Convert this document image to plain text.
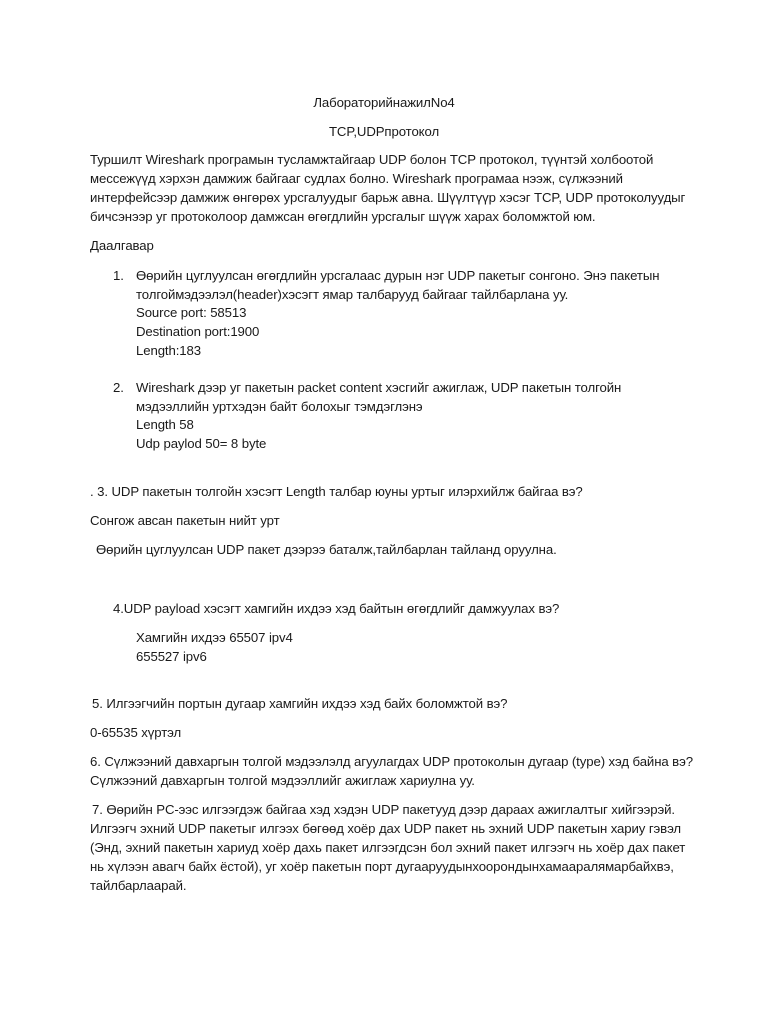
ЛабораторийнажилNo4
TCP,UDPпротокол
Туршилт Wireshark програмын тусламжтайгаар UDP болон TCP протокол, түүнтэй холбоотой
мессежүүд хэрхэн дамжиж байгааг судлах болно. Wireshark програмаа нээж, сүлжээний
интерфейсээр дамжиж өнгөрөх урсгалуудыг барьж авна. Шүүлтүүр хэсэг TCP, UDP протоколуудыг
бичсэнээр уг протоколоор дамжсан өгөгдлийн урсгалыг шүүж харах боломжтой юм.
Даалгавар
1. Өөрийн цуглуулсан өгөгдлийн урсгалаас дурын нэг UDP пакетыг сонгоно. Энэ пакетын
толгоймэдээлэл(header)хэсэгт ямар талбарууд байгааг тайлбарлана уу.
Source port: 58513
Destination port:1900
Length:183
2. Wireshark дээр уг пакетын packet content хэсгийг ажиглаж, UDP пакетын толгойн
мэдээллийн уртхэдэн байт болохыг тэмдэглэнэ
Length 58
Udp paylod 50= 8 byte
. 3. UDP пакетын толгойн хэсэгт Length талбар юуны уртыг илэрхийлж байгаа вэ?
Сонгож авсан пакетын нийт урт
Өөрийн цуглуулсан UDP пакет дээрээ баталж,тайлбарлан тайланд оруулна.
4.UDP payload хэсэгт хамгийн ихдээ хэд байтын өгөгдлийг дамжуулах вэ?
Хамгийн ихдээ 65507 ipv4
655527 ipv6
5. Илгээгчийн портын дугаар хамгийн ихдээ хэд байх боломжтой вэ?
0-65535 хүртэл
6. Сүлжээний давхаргын толгой мэдээлэлд агуулагдах UDP протоколын дугаар (type) хэд байна вэ?
Сүлжээний давхаргын толгой мэдээллийг ажиглаж хариулна уу.
7. Өөрийн PC-ээс илгээгдэж байгаа хэд хэдэн UDP пакетууд дээр дараах ажиглалтыг хийгээрэй.
Илгээгч эхний UDP пакетыг илгээх бөгөөд хоёр дах UDP пакет нь эхний UDP пакетын хариу гэвэл
(Энд, эхний пакетын хариуд хоёр дахь пакет илгээгдсэн бол эхний пакет илгээгч нь хоёр дах пакет
нь хүлээн авагч байх ёстой), уг хоёр пакетын порт дугааруудынхоорондынхамааралямарбайхвэ,
тайлбарлаарай.
